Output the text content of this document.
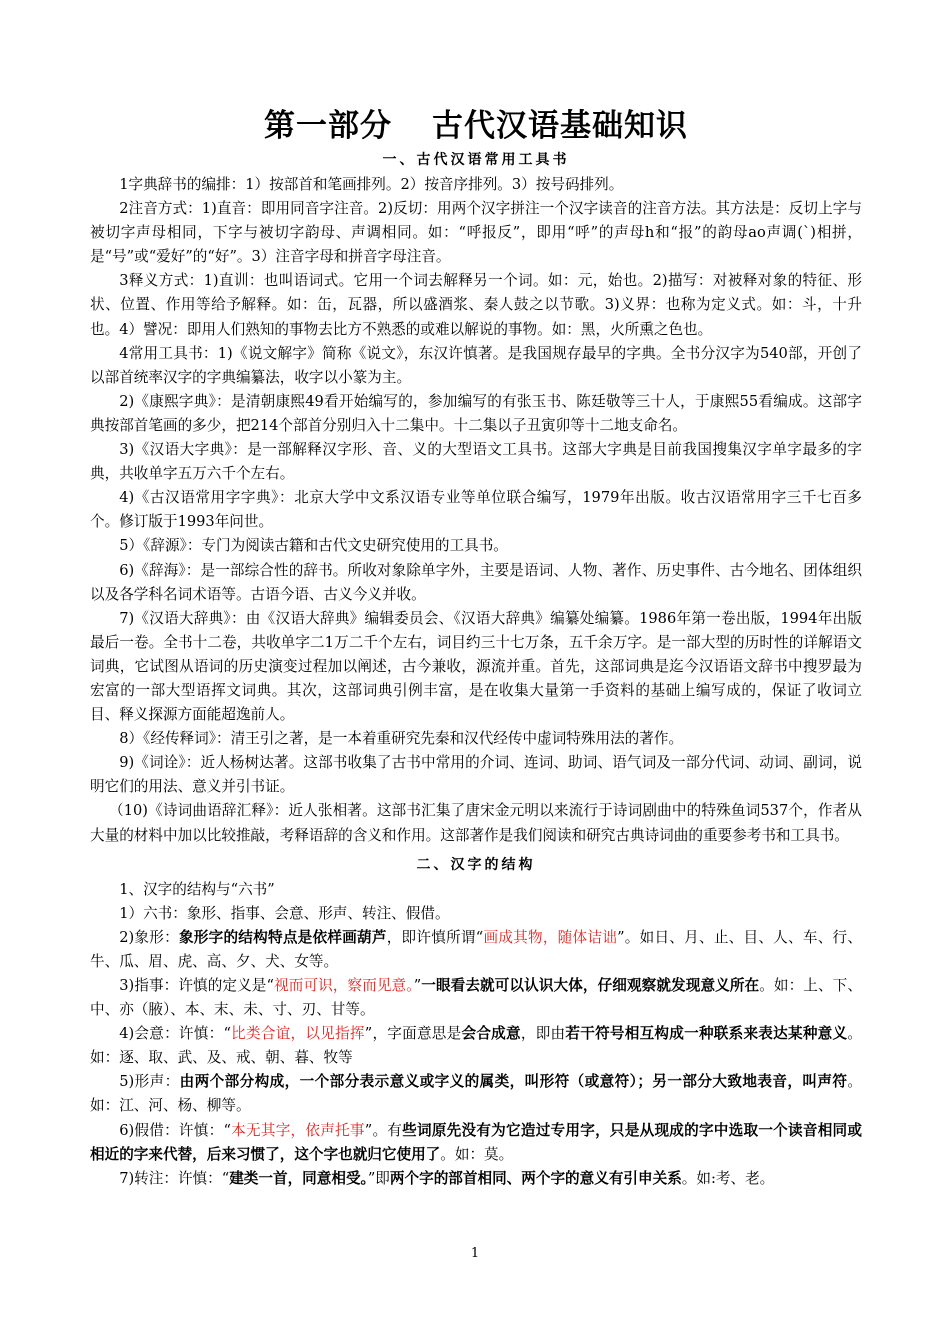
第一部分 古代汉语基础知识
一、古代汉语常用工具书

1字典辞书的编排：1）按部首和笔画排列。2）按音序排列。3）按号码排列。

2注音方式：1)直音：即用同音字注音。2)反切：用两个汉字拼注一个汉字读音的注音方法。其方法是：反切上字与被切字声母相同，下字与被切字韵母、声调相同。如：“呼报反”，即用“呼”的声母h和“报”的韵母ao声调(`)相拼，是“号”或“爱好”的“好”。3）注音字母和拼音字母注音。

3释义方式：1)直训：也叫语词式。它用一个词去解释另一个词。如：元，始也。2)描写：对被释对象的特征、形状、位置、作用等给予解释。如：缶，瓦器，所以盛酒浆、秦人鼓之以节歌。3)义界：也称为定义式。如：斗，十升也。4）譬况：即用人们熟知的事物去比方不熟悉的或难以解说的事物。如：黑，火所熏之色也。

4常用工具书：1)《说文解字》简称《说文》，东汉许慎著。是我国规存最早的字典。全书分汉字为540部，开创了以部首统率汉字的字典编纂法，收字以小篆为主。

2)《康熙字典》：是清朝康熙49看开始编写的，参加编写的有张玉书、陈廷敬等三十人，于康熙55看编成。这部字典按部首笔画的多少，把214个部首分别归入十二集中。十二集以子丑寅卯等十二地支命名。

3)《汉语大字典》：是一部解释汉字形、音、义的大型语文工具书。这部大字典是目前我国搜集汉字单字最多的字典，共收单字五万六千个左右。

4)《古汉语常用字字典》：北京大学中文系汉语专业等单位联合编写，1979年出版。收古汉语常用字三千七百多个。修订版于1993年问世。

5）《辞源》：专门为阅读古籍和古代文史研究使用的工具书。

6)《辞海》：是一部综合性的辞书。所收对象除单字外，主要是语词、人物、著作、历史事件、古今地名、团体组织以及各学科名词术语等。古语今语、古义今义并收。

7)《汉语大辞典》：由《汉语大辞典》编辑委员会、《汉语大辞典》编纂处编纂。1986年第一卷出版，1994年出版最后一卷。全书十二卷，共收单字二1万二千个左右，词目约三十七万条，五千余万字。是一部大型的历时性的详解语文词典，它试图从语词的历史演变过程加以阐述，古今兼收，源流并重。首先，这部词典是迄今汉语语文辞书中搜罗最为宏富的一部大型语挥文词典。其次，这部词典引例丰富，是在收集大量第一手资料的基础上编写成的，保证了收词立目、释义探源方面能超逸前人。

8）《经传释词》：清王引之著，是一本着重研究先秦和汉代经传中虚词特殊用法的著作。

9)《词诠》：近人杨树达著。这部书收集了古书中常用的介词、连词、助词、语气词及一部分代词、动词、副词，说明它们的用法、意义并引书证。

（10)《诗词曲语辞汇释》：近人张相著。这部书汇集了唐宋金元明以来流行于诗词剧曲中的特殊鱼词537个，作者从大量的材料中加以比较推敲，考释语辞的含义和作用。这部著作是我们阅读和研究古典诗词曲的重要参考书和工具书。

二、汉字的结构

1、汉字的结构与“六书”

1）六书：象形、指事、会意、形声、转注、假借。

2)象形：象形字的结构特点是依样画葫芦，即许慎所谓“画成其物，随体诘诎”。如日、月、止、目、人、车、行、牛、瓜、眉、虎、高、夕、犬、女等。

3)指事：许慎的定义是“视而可识，察而见意。”一眼看去就可以认识大体，仔细观察就发现意义所在。如：上、下、中、亦（腋）、本、末、未、寸、刃、甘等。

4)会意：许慎：“比类合谊，以见指挥”，字面意思是会合成意，即由若干符号相互构成一种联系来表达某种意义。如：逐、取、武、及、戒、朝、暮、牧等

5)形声：由两个部分构成，一个部分表示意义或字义的属类，叫形符（或意符）；另一部分大致地表音，叫声符。如：江、河、杨、柳等。

6)假借：许慎：“本无其字，依声托事”。有些词原先没有为它造过专用字，只是从现成的字中选取一个读音相同或相近的字来代替，后来习惯了，这个字也就归它使用了。如：莫。

7)转注：许慎：“建类一首，同意相受。”即两个字的部首相同、两个字的意义有引申关系。如:考、老。

1
